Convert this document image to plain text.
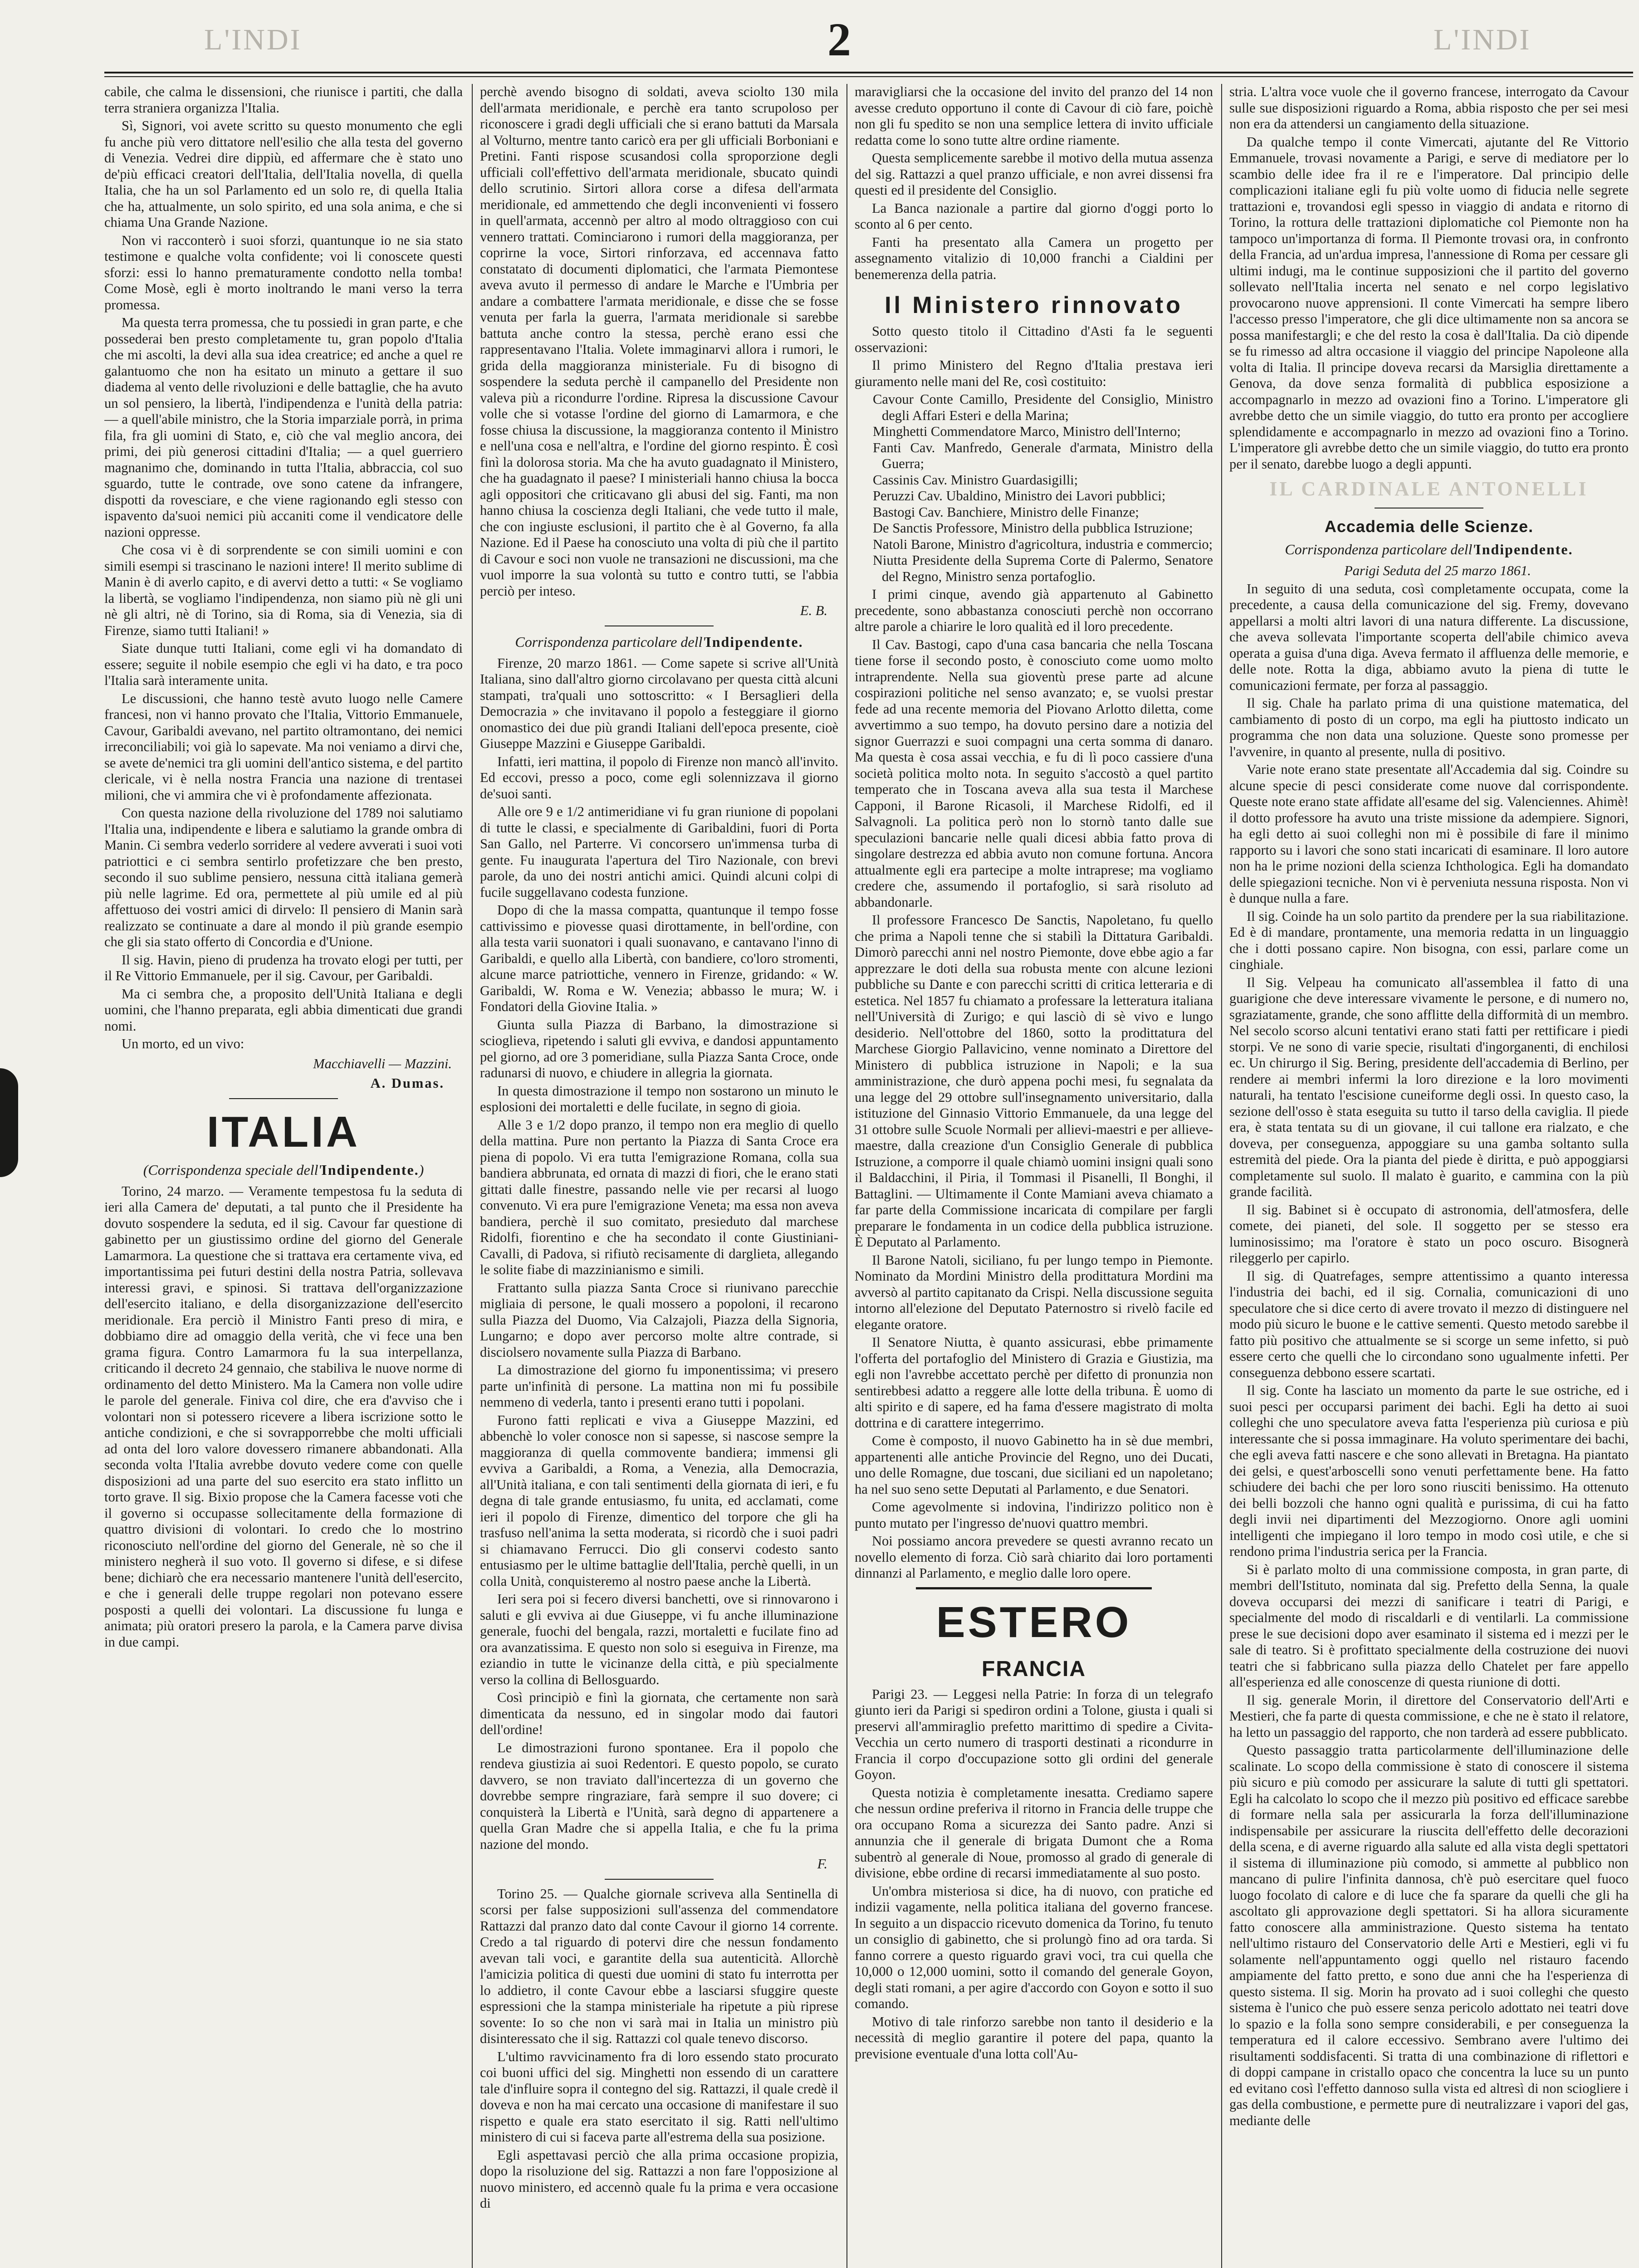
L'INDI	2	L'INDI

cabile, che calma le dissensioni, che riunisce i partiti, che dalla terra straniera organizza l'Italia.

Sì, Signori, voi avete scritto su questo monumento che egli fu anche più vero dittatore nell'esilio che alla testa del governo di Venezia. Vedrei dire dippiù, ed affermare che è stato uno de'più efficaci creatori dell'Italia, dell'Italia novella, di quella Italia, che ha un sol Parlamento ed un solo re, di quella Italia che ha, attualmente, un solo spirito, ed una sola anima, e che si chiama Una Grande Nazione.

Non vi racconterò i suoi sforzi, quantunque io ne sia stato testimone e qualche volta confidente; voi li conoscete questi sforzi: essi lo hanno prematuramente condotto nella tomba! Come Mosè, egli è morto inoltrando le mani verso la terra promessa.

Ma questa terra promessa, che tu possiedi in gran parte, e che possederai ben presto completamente tu, gran popolo d'Italia che mi ascolti, la devi alla sua idea creatrice; ed anche a quel re galantuomo che non ha esitato un minuto a gettare il suo diadema al vento delle rivoluzioni e delle battaglie, che ha avuto un sol pensiero, la libertà, l'indipendenza e l'unità della patria: — a quell'abile ministro, che la Storia imparziale porrà, in prima fila, fra gli uomini di Stato, e, ciò che val meglio ancora, dei primi, dei più generosi cittadini d'Italia; — a quel guerriero magnanimo che, dominando in tutta l'Italia, abbraccia, col suo sguardo, tutte le contrade, ove sono catene da infrangere, dispotti da rovesciare, e che viene ragionando egli stesso con ispavento da'suoi nemici più accaniti come il vendicatore delle nazioni oppresse.

Che cosa vi è di sorprendente se con simili uomini e con simili esempi si trascinano le nazioni intere! Il merito sublime di Manin è di averlo capito, e di avervi detto a tutti: « Se vogliamo la libertà, se vogliamo l'indipendenza, non siamo più nè gli uni nè gli altri, nè di Torino, sia di Roma, sia di Venezia, sia di Firenze, siamo tutti Italiani! »

Siate dunque tutti Italiani, come egli vi ha domandato di essere; seguite il nobile esempio che egli vi ha dato, e tra poco l'Italia sarà interamente unita.

Le discussioni, che hanno testè avuto luogo nelle Camere francesi, non vi hanno provato che l'Italia, Vittorio Emmanuele, Cavour, Garibaldi avevano, nel partito oltramontano, dei nemici irreconciliabili; voi già lo sapevate. Ma noi veniamo a dirvi che, se avete de'nemici tra gli uomini dell'antico sistema, e del partito clericale, vi è nella nostra Francia una nazione di trentasei milioni, che vi ammira che vi è profondamente affezionata.

Con questa nazione della rivoluzione del 1789 noi salutiamo l'Italia una, indipendente e libera e salutiamo la grande ombra di Manin. Ci sembra vederlo sorridere al vedere avverati i suoi voti patriottici e ci sembra sentirlo profetizzare che ben presto, secondo il suo sublime pensiero, nessuna città italiana gemerà più nelle lagrime. Ed ora, permettete al più umile ed al più affettuoso dei vostri amici di dirvelo: Il pensiero di Manin sarà realizzato se continuate a dare al mondo il più grande esempio che gli sia stato offerto di Concordia e d'Unione.

Il sig. Havin, pieno di prudenza ha trovato elogi per tutti, per il Re Vittorio Emmanuele, per il sig. Cavour, per Garibaldi.

Ma ci sembra che, a proposito dell'Unità Italiana e degli uomini, che l'hanno preparata, egli abbia dimenticati due grandi nomi.

Un morto, ed un vivo:

Macchiavelli — Mazzini.
A. Dumas.
ITALIA
(Corrispondenza speciale dell'Indipendente.)

Torino, 24 marzo. — Veramente tempestosa fu la seduta di ieri alla Camera de' deputati, a tal punto che il Presidente ha dovuto sospendere la seduta, ed il sig. Cavour far questione di gabinetto per un giustissimo ordine del giorno del Generale Lamarmora. La questione che si trattava era certamente viva, ed importantissima pei futuri destini della nostra Patria, sollevava interessi gravi, e spinosi. Si trattava dell'organizzazione dell'esercito italiano, e della disorganizzazione dell'esercito meridionale. Era perciò il Ministro Fanti preso di mira, e dobbiamo dire ad omaggio della verità, che vi fece una ben grama figura. Contro Lamarmora fu la sua interpellanza, criticando il decreto 24 gennaio, che stabiliva le nuove norme di ordinamento del detto Ministero. Ma la Camera non volle udire le parole del generale. Finiva col dire, che era d'avviso che i volontari non si potessero ricevere a libera iscrizione sotto le antiche condizioni, e che si sovrapporrebbe che molti ufficiali ad onta del loro valore dovessero rimanere abbandonati. Alla seconda volta l'Italia avrebbe dovuto vedere come con quelle disposizioni ad una parte del suo esercito era stato inflitto un torto grave. Il sig. Bixio propose che la Camera facesse voti che il governo si occupasse sollecitamente della formazione di quattro divisioni di volontari. Io credo che lo mostrino riconosciuto nell'ordine del giorno del Generale, nè so che il ministero negherà il suo voto. Il governo si difese, e si difese bene; dichiarò che era necessario mantenere l'unità dell'esercito, e che i generali delle truppe regolari non potevano essere posposti a quelli dei volontari. La discussione fu lunga e animata; più oratori presero la parola, e la Camera parve divisa in due campi.

perchè avendo bisogno di soldati, aveva sciolto 130 mila dell'armata meridionale, e perchè era tanto scrupoloso per riconoscere i gradi degli ufficiali che si erano battuti da Marsala al Volturno, mentre tanto caricò era per gli ufficiali Borboniani e Pretini. Fanti rispose scusandosi colla sproporzione degli ufficiali coll'effettivo dell'armata meridionale, sbucato quindi dello scrutinio. Sirtori allora corse a difesa dell'armata meridionale, ed ammettendo che degli inconvenienti vi fossero in quell'armata, accennò per altro al modo oltraggioso con cui vennero trattati. Cominciarono i rumori della maggioranza, per coprirne la voce, Sirtori rinforzava, ed accennava fatto constatato di documenti diplomatici, che l'armata Piemontese aveva avuto il permesso di andare le Marche e l'Umbria per andare a combattere l'armata meridionale, e disse che se fosse venuta per farla la guerra, l'armata meridionale si sarebbe battuta anche contro la stessa, perchè erano essi che rappresentavano l'Italia. Volete immaginarvi allora i rumori, le grida della maggioranza ministeriale. Fu di bisogno di sospendere la seduta perchè il campanello del Presidente non valeva più a ricondurre l'ordine. Ripresa la discussione Cavour volle che si votasse l'ordine del giorno di Lamarmora, e che fosse chiusa la discussione, la maggioranza contento il Ministro e nell'una cosa e nell'altra, e l'ordine del giorno respinto. È così finì la dolorosa storia. Ma che ha avuto guadagnato il Ministero, che ha guadagnato il paese? I ministeriali hanno chiusa la bocca agli oppositori che criticavano gli abusi del sig. Fanti, ma non hanno chiusa la coscienza degli Italiani, che vede tutto il male, che con ingiuste esclusioni, il partito che è al Governo, fa alla Nazione. Ed il Paese ha conosciuto una volta di più che il partito di Cavour e soci non vuole ne transazioni ne discussioni, ma che vuol imporre la sua volontà su tutto e contro tutti, se l'abbia perciò per inteso.

E. B.
Corrispondenza particolare dell'Indipendente.

Firenze, 20 marzo 1861. — Come sapete si scrive all'Unità Italiana, sino dall'altro giorno circolavano per questa città alcuni stampati, tra'quali uno sottoscritto: « I Bersaglieri della Democrazia » che invitavano il popolo a festeggiare il giorno onomastico dei due più grandi Italiani dell'epoca presente, cioè Giuseppe Mazzini e Giuseppe Garibaldi.

Infatti, ieri mattina, il popolo di Firenze non mancò all'invito. Ed eccovi, presso a poco, come egli solennizzava il giorno de'suoi santi.

Alle ore 9 e 1/2 antimeridiane vi fu gran riunione di popolani di tutte le classi, e specialmente di Garibaldini, fuori di Porta San Gallo, nel Parterre. Vi concorsero un'immensa turba di gente. Fu inaugurata l'apertura del Tiro Nazionale, con brevi parole, da uno dei nostri antichi amici. Quindi alcuni colpi di fucile suggellavano codesta funzione.

Dopo di che la massa compatta, quantunque il tempo fosse cattivissimo e piovesse quasi dirottamente, in bell'ordine, con alla testa varii suonatori i quali suonavano, e cantavano l'inno di Garibaldi, e quello alla Libertà, con bandiere, co'loro stromenti, alcune marce patriottiche, vennero in Firenze, gridando: « W. Garibaldi, W. Roma e W. Venezia; abbasso le mura; W. i Fondatori della Giovine Italia. »

Giunta sulla Piazza di Barbano, la dimostrazione si scioglieva, ripetendo i saluti gli evviva, e dandosi appuntamento pel giorno, ad ore 3 pomeridiane, sulla Piazza Santa Croce, onde radunarsi di nuovo, e chiudere in allegria la giornata.

In questa dimostrazione il tempo non sostarono un minuto le esplosioni dei mortaletti e delle fucilate, in segno di gioia.

Alle 3 e 1/2 dopo pranzo, il tempo non era meglio di quello della mattina. Pure non pertanto la Piazza di Santa Croce era piena di popolo. Vi era tutta l'emigrazione Romana, colla sua bandiera abbrunata, ed ornata di mazzi di fiori, che le erano stati gittati dalle finestre, passando nelle vie per recarsi al luogo convenuto. Vi era pure l'emigrazione Veneta; ma essa non aveva bandiera, perchè il suo comitato, presieduto dal marchese Ridolfi, fiorentino e che ha secondato il conte Giustiniani-Cavalli, di Padova, si rifiutò recisamente di darglieta, allegando le solite fiabe di mazzinianismo e simili.

Frattanto sulla piazza Santa Croce si riunivano parecchie migliaia di persone, le quali mossero a popoloni, il recarono sulla Piazza del Duomo, Via Calzajoli, Piazza della Signoria, Lungarno; e dopo aver percorso molte altre contrade, si disciolsero novamente sulla Piazza di Barbano.

La dimostrazione del giorno fu imponentissima; vi presero parte un'infinità di persone. La mattina non mi fu possibile nemmeno di vederla, tanto i presenti erano tutti i popolani.

Furono fatti replicati e viva a Giuseppe Mazzini, ed abbenchè lo voler conosce non si sapesse, si nascose sempre la maggioranza di quella commovente bandiera; immensi gli evviva a Garibaldi, a Roma, a Venezia, alla Democrazia, all'Unità italiana, e con tali sentimenti della giornata di ieri, e fu degna di tale grande entusiasmo, fu unita, ed acclamati, come ieri il popolo di Firenze, dimentico del torpore che gli ha trasfuso nell'anima la setta moderata, si ricordò che i suoi padri si chiamavano Ferrucci. Dio gli conservi codesto santo entusiasmo per le ultime battaglie dell'Italia, perchè quelli, in un colla Unità, conquisteremo al nostro paese anche la Libertà.

Ieri sera poi si fecero diversi banchetti, ove si rinnovarono i saluti e gli evviva ai due Giuseppe, vi fu anche illuminazione generale, fuochi del bengala, razzi, mortaletti e fucilate fino ad ora avanzatissima. E questo non solo si eseguiva in Firenze, ma eziandio in tutte le vicinanze della città, e più specialmente verso la collina di Bellosguardo.

Così principiò e finì la giornata, che certamente non sarà dimenticata da nessuno, ed in singolar modo dai fautori dell'ordine!

Le dimostrazioni furono spontanee. Era il popolo che rendeva giustizia ai suoi Redentori. E questo popolo, se curato davvero, se non traviato dall'incertezza di un governo che dovrebbe sempre ringraziare, farà sempre il suo dovere; ci conquisterà la Libertà e l'Unità, sarà degno di appartenere a quella Gran Madre che si appella Italia, e che fu la prima nazione del mondo.

F.

Torino 25. — Qualche giornale scriveva alla Sentinella di scorsi per false supposizioni sull'assenza del commendatore Rattazzi dal pranzo dato dal conte Cavour il giorno 14 corrente. Credo a tal riguardo di potervi dire che nessun fondamento avevan tali voci, e garantite della sua autenticità. Allorchè l'amicizia politica di questi due uomini di stato fu interrotta per lo addietro, il conte Cavour ebbe a lasciarsi sfuggire queste espressioni che la stampa ministeriale ha ripetute a più riprese sovente: Io so che non vi sarà mai in Italia un ministro più disinteressato che il sig. Rattazzi col quale tenevo discorso.

L'ultimo ravvicinamento fra di loro essendo stato procurato coi buoni uffici del sig. Minghetti non essendo di un carattere tale d'influire sopra il contegno del sig. Rattazzi, il quale credè il doveva e non ha mai cercato una occasione di manifestare il suo rispetto e quale era stato esercitato il sig. Ratti nell'ultimo ministero di cui si faceva parte all'estrema della sua posizione.

Egli aspettavasi perciò che alla prima occasione propizia, dopo la risoluzione del sig. Rattazzi a non fare l'opposizione al nuovo ministero, ed accennò quale fu la prima e vera occasione di

maravigliarsi che la occasione del invito del pranzo del 14 non avesse creduto opportuno il conte di Cavour di ciò fare, poichè non gli fu spedito se non una semplice lettera di invito ufficiale redatta come lo sono tutte altre ordine riamente.

Questa semplicemente sarebbe il motivo della mutua assenza del sig. Rattazzi a quel pranzo ufficiale, e non avrei dissensi fra questi ed il presidente del Consiglio.

La Banca nazionale a partire dal giorno d'oggi porto lo sconto al 6 per cento.

Fanti ha presentato alla Camera un progetto per assegnamento vitalizio di 10,000 franchi a Cialdini per benemerenza della patria.

Il Ministero rinnovato

Sotto questo titolo il Cittadino d'Asti fa le seguenti osservazioni:

Il primo Ministero del Regno d'Italia prestava ieri giuramento nelle mani del Re, così costituito:

Cavour Conte Camillo, Presidente del Consiglio, Ministro degli Affari Esteri e della Marina;
Minghetti Commendatore Marco, Ministro dell'Interno;
Fanti Cav. Manfredo, Generale d'armata, Ministro della Guerra;
Cassinis Cav. Ministro Guardasigilli;
Peruzzi Cav. Ubaldino, Ministro dei Lavori pubblici;
Bastogi Cav. Banchiere, Ministro delle Finanze;
De Sanctis Professore, Ministro della pubblica Istruzione;
Natoli Barone, Ministro d'agricoltura, industria e commercio;
Niutta Presidente della Suprema Corte di Palermo, Senatore del Regno, Ministro senza portafoglio.

I primi cinque, avendo già appartenuto al Gabinetto precedente, sono abbastanza conosciuti perchè non occorrano altre parole a chiarire le loro qualità ed il loro precedente.

Il Cav. Bastogi, capo d'una casa bancaria che nella Toscana tiene forse il secondo posto, è conosciuto come uomo molto intraprendente. Nella sua gioventù prese parte ad alcune cospirazioni politiche nel senso avanzato; e, se vuolsi prestar fede ad una recente memoria del Piovano Arlotto diletta, come avvertimmo a suo tempo, ha dovuto persino dare a notizia del signor Guerrazzi e suoi compagni una certa somma di danaro. Ma questa è cosa assai vecchia, e fu di lì poco cassiere d'una società politica molto nota. In seguito s'accostò a quel partito temperato che in Toscana aveva alla sua testa il Marchese Capponi, il Barone Ricasoli, il Marchese Ridolfi, ed il Salvagnoli. La politica però non lo stornò tanto dalle sue speculazioni bancarie nelle quali dicesi abbia fatto prova di singolare destrezza ed abbia avuto non comune fortuna. Ancora attualmente egli era partecipe a molte intraprese; ma vogliamo credere che, assumendo il portafoglio, si sarà risoluto ad abbandonarle.

Il professore Francesco De Sanctis, Napoletano, fu quello che prima a Napoli tenne che si stabilì la Dittatura Garibaldi. Dimorò parecchi anni nel nostro Piemonte, dove ebbe agio a far apprezzare le doti della sua robusta mente con alcune lezioni pubbliche su Dante e con parecchi scritti di critica letteraria e di estetica. Nel 1857 fu chiamato a professare la letteratura italiana nell'Università di Zurigo; e qui lasciò di sè vivo e lungo desiderio. Nell'ottobre del 1860, sotto la prodittatura del Marchese Giorgio Pallavicino, venne nominato a Direttore del Ministero di pubblica istruzione in Napoli; e la sua amministrazione, che durò appena pochi mesi, fu segnalata da una legge del 29 ottobre sull'insegnamento universitario, dalla istituzione del Ginnasio Vittorio Emmanuele, da una legge del 31 ottobre sulle Scuole Normali per allievi-maestri e per allieve-maestre, dalla creazione d'un Consiglio Generale di pubblica Istruzione, a comporre il quale chiamò uomini insigni quali sono il Baldacchini, il Piria, il Tommasi il Pisanelli, Il Bonghi, il Battaglini. — Ultimamente il Conte Mamiani aveva chiamato a far parte della Commissione incaricata di compilare per fargli preparare le fondamenta in un codice della pubblica istruzione. È Deputato al Parlamento.

Il Barone Natoli, siciliano, fu per lungo tempo in Piemonte. Nominato da Mordini Ministro della prodittatura Mordini ma avversò al partito capitanato da Crispi. Nella discussione seguita intorno all'elezione del Deputato Paternostro si rivelò facile ed elegante oratore.

Il Senatore Niutta, è quanto assicurasi, ebbe primamente l'offerta del portafoglio del Ministero di Grazia e Giustizia, ma egli non l'avrebbe accettato perchè per difetto di pronunzia non sentirebbesi adatto a reggere alle lotte della tribuna. È uomo di alti spirito e di sapere, ed ha fama d'essere magistrato di molta dottrina e di carattere integerrimo.

Come è composto, il nuovo Gabinetto ha in sè due membri, appartenenti alle antiche Provincie del Regno, uno dei Ducati, uno delle Romagne, due toscani, due siciliani ed un napoletano; ha nel suo seno sette Deputati al Parlamento, e due Senatori.

Come agevolmente si indovina, l'indirizzo politico non è punto mutato per l'ingresso de'nuovi quattro membri.

Noi possiamo ancora prevedere se questi avranno recato un novello elemento di forza. Ciò sarà chiarito dai loro portamenti dinnanzi al Parlamento, e meglio dalle loro opere.

ESTERO
FRANCIA

Parigi 23. — Leggesi nella Patrie: In forza di un telegrafo giunto ieri da Parigi si spediron ordini a Tolone, giusta i quali si preservi all'ammiraglio prefetto marittimo di spedire a Civita-Vecchia un certo numero di trasporti destinati a ricondurre in Francia il corpo d'occupazione sotto gli ordini del generale Goyon.

Questa notizia è completamente inesatta. Crediamo sapere che nessun ordine preferiva il ritorno in Francia delle truppe che ora occupano Roma a sicurezza dei Santo padre. Anzi si annunzia che il generale di brigata Dumont che a Roma subentrò al generale di Noue, promosso al grado di generale di divisione, ebbe ordine di recarsi immediatamente al suo posto.

Un'ombra misteriosa si dice, ha di nuovo, con pratiche ed indizii vagamente, nella politica italiana del governo francese. In seguito a un dispaccio ricevuto domenica da Torino, fu tenuto un consiglio di gabinetto, che si prolungò fino ad ora tarda. Si fanno correre a questo riguardo gravi voci, tra cui quella che 10,000 o 12,000 uomini, sotto il comando del generale Goyon, degli stati romani, a per agire d'accordo con Goyon e sotto il suo comando.

Motivo di tale rinforzo sarebbe non tanto il desiderio e la necessità di meglio garantire il potere del papa, quanto la previsione eventuale d'una lotta coll'Au-

stria. L'altra voce vuole che il governo francese, interrogato da Cavour sulle sue disposizioni riguardo a Roma, abbia risposto che per sei mesi non era da attendersi un cangiamento della situazione.

Da qualche tempo il conte Vimercati, ajutante del Re Vittorio Emmanuele, trovasi novamente a Parigi, e serve di mediatore per lo scambio delle idee fra il re e l'imperatore. Dal principio delle complicazioni italiane egli fu più volte uomo di fiducia nelle segrete trattazioni e, trovandosi egli spesso in viaggio di andata e ritorno di Torino, la rottura delle trattazioni diplomatiche col Piemonte non ha tampoco un'importanza di forma. Il Piemonte trovasi ora, in confronto della Francia, ad un'ardua impresa, l'annessione di Roma per cessare gli ultimi indugi, ma le continue supposizioni che il partito del governo sollevato nell'Italia incerta nel senato e nel corpo legislativo provocarono nuove apprensioni. Il conte Vimercati ha sempre libero l'accesso presso l'imperatore, che gli dice ultimamente non sa ancora se possa manifestargli; e che del resto la cosa è dall'Italia. Da ciò dipende se fu rimesso ad altra occasione il viaggio del principe Napoleone alla volta di Italia. Il principe doveva recarsi da Marsiglia direttamente a Genova, da dove senza formalità di pubblica esposizione a accompagnarlo in mezzo ad ovazioni fino a Torino. L'imperatore gli avrebbe detto che un simile viaggio, do tutto era pronto per accogliere splendidamente e accompagnarlo in mezzo ad ovazioni fino a Torino. L'imperatore gli avrebbe detto che un simile viaggio, do tutto era pronto per il senato, darebbe luogo a degli appunti.

IL CARDINALE ANTONELLI
Accademia delle Scienze.
Corrispondenza particolare dell'Indipendente.

Parigi Seduta del 25 marzo 1861.

In seguito di una seduta, così completamente occupata, come la precedente, a causa della comunicazione del sig. Fremy, dovevano appellarsi a molti altri lavori di una natura differente. La discussione, che aveva sollevata l'importante scoperta dell'abile chimico aveva operata a guisa d'una diga. Aveva fermato il affluenza delle memorie, e delle note. Rotta la diga, abbiamo avuto la piena di tutte le comunicazioni fermate, per forza al passaggio.

Il sig. Chale ha parlato prima di una quistione matematica, del cambiamento di posto di un corpo, ma egli ha piuttosto indicato un programma che non data una soluzione. Queste sono promesse per l'avvenire, in quanto al presente, nulla di positivo.

Varie note erano state presentate all'Accademia dal sig. Coindre su alcune specie di pesci considerate come nuove dal corrispondente. Queste note erano state affidate all'esame del sig. Valenciennes. Ahimè! il dotto professore ha avuto una triste missione da adempiere. Signori, ha egli detto ai suoi colleghi non mi è possibile di fare il minimo rapporto su i lavori che sono stati incaricati di esaminare. Il loro autore non ha le prime nozioni della scienza Ichthologica. Egli ha domandato delle spiegazioni tecniche. Non vi è perveniuta nessuna risposta. Non vi è dunque nulla a fare.

Il sig. Coinde ha un solo partito da prendere per la sua riabilitazione. Ed è di mandare, prontamente, una memoria redatta in un linguaggio che i dotti possano capire. Non bisogna, con essi, parlare come un cinghiale.

Il Sig. Velpeau ha comunicato all'assemblea il fatto di una guarigione che deve interessare vivamente le persone, e di numero no, sgraziatamente, grande, che sono afflitte della difformità di un membro. Nel secolo scorso alcuni tentativi erano stati fatti per rettificare i piedi storpi. Ve ne sono di varie specie, risultati d'ingorganenti, di enchilosi ec. Un chirurgo il Sig. Bering, presidente dell'accademia di Berlino, per rendere ai membri infermi la loro direzione e la loro movimenti naturali, ha tentato l'escisione cuneiforme degli ossi. In questo caso, la sezione dell'osso è stata eseguita su tutto il tarso della caviglia. Il piede era, è stata tentata su di un giovane, il cui tallone era rialzato, e che doveva, per conseguenza, appoggiare su una gamba soltanto sulla estremità del piede. Ora la pianta del piede è diritta, e può appoggiarsi completamente sul suolo. Il malato è guarito, e cammina con la più grande facilità.

Il sig. Babinet si è occupato di astronomia, dell'atmosfera, delle comete, dei pianeti, del sole. Il soggetto per se stesso era luminosissimo; ma l'oratore è stato un poco oscuro. Bisognerà rileggerlo per capirlo.

Il sig. di Quatrefages, sempre attentissimo a quanto interessa l'industria dei bachi, ed il sig. Cornalia, comunicazioni di uno speculatore che si dice certo di avere trovato il mezzo di distinguere nel modo più sicuro le buone e le cattive sementi. Questo metodo sarebbe il fatto più positivo che attualmente se si scorge un seme infetto, si può essere certo che quelli che lo circondano sono ugualmente infetti. Per conseguenza debbono essere scartati.

Il sig. Conte ha lasciato un momento da parte le sue ostriche, ed i suoi pesci per occuparsi pariment dei bachi. Egli ha detto ai suoi colleghi che uno speculatore aveva fatta l'esperienza più curiosa e più interessante che si possa immaginare. Ha voluto sperimentare dei bachi, che egli aveva fatti nascere e che sono allevati in Bretagna. Ha piantato dei gelsi, e quest'arboscelli sono venuti perfettamente bene. Ha fatto schiudere dei bachi che per loro sono riusciti benissimo. Ha ottenuto dei belli bozzoli che hanno ogni qualità e purissima, di cui ha fatto degli invii nei dipartimenti del Mezzogiorno. Onore agli uomini intelligenti che impiegano il loro tempo in modo così utile, e che si rendono prima l'industria serica per la Francia.

Si è parlato molto di una commissione composta, in gran parte, di membri dell'Istituto, nominata dal sig. Prefetto della Senna, la quale doveva occuparsi dei mezzi di sanificare i teatri di Parigi, e specialmente del modo di riscaldarli e di ventilarli. La commissione prese le sue decisioni dopo aver esaminato il sistema ed i mezzi per le sale di teatro. Si è profittato specialmente della costruzione dei nuovi teatri che si fabbricano sulla piazza dello Chatelet per fare appello all'esperienza ed alle conoscenze di questa riunione di dotti.

Il sig. generale Morin, il direttore del Conservatorio dell'Arti e Mestieri, che fa parte di questa commissione, e che ne è stato il relatore, ha letto un passaggio del rapporto, che non tarderà ad essere pubblicato.

Questo passaggio tratta particolarmente dell'illuminazione delle scalinate. Lo scopo della commissione è stato di conoscere il sistema più sicuro e più comodo per assicurare la salute di tutti gli spettatori. Egli ha calcolato lo scopo che il mezzo più positivo ed efficace sarebbe di formare nella sala per assicurarla la forza dell'illuminazione indispensabile per assicurare la riuscita dell'effetto delle decorazioni della scena, e di averne riguardo alla salute ed alla vista degli spettatori il sistema di illuminazione più comodo, si ammette al pubblico non mancano di pulire l'infinita dannosa, ch'è può esercitare quel fuoco luogo focolato di calore e di luce che fa sparare da quelli che gli ha ascoltato gli approvazione degli spettatori. Si ha allora sicuramente fatto conoscere alla amministrazione. Questo sistema ha tentato nell'ultimo ristauro del Conservatorio delle Arti e Mestieri, egli vi fu solamente nell'appuntamento oggi quello nel ristauro facendo ampiamente del fatto pretto, e sono due anni che ha l'esperienza di questo sistema. Il sig. Morin ha provato ad i suoi colleghi che questo sistema è l'unico che può essere senza pericolo adottato nei teatri dove lo spazio e la folla sono sempre considerabili, e per conseguenza la temperatura ed il calore eccessivo. Sembrano avere l'ultimo dei risultamenti soddisfacenti. Si tratta di una combinazione di riflettori e di doppi campane in cristallo opaco che concentra la luce su un punto ed evitano così l'effetto dannoso sulla vista ed altresì di non sciogliere i gas della combustione, e permette pure di neutralizzare i vapori del gas, mediante delle
